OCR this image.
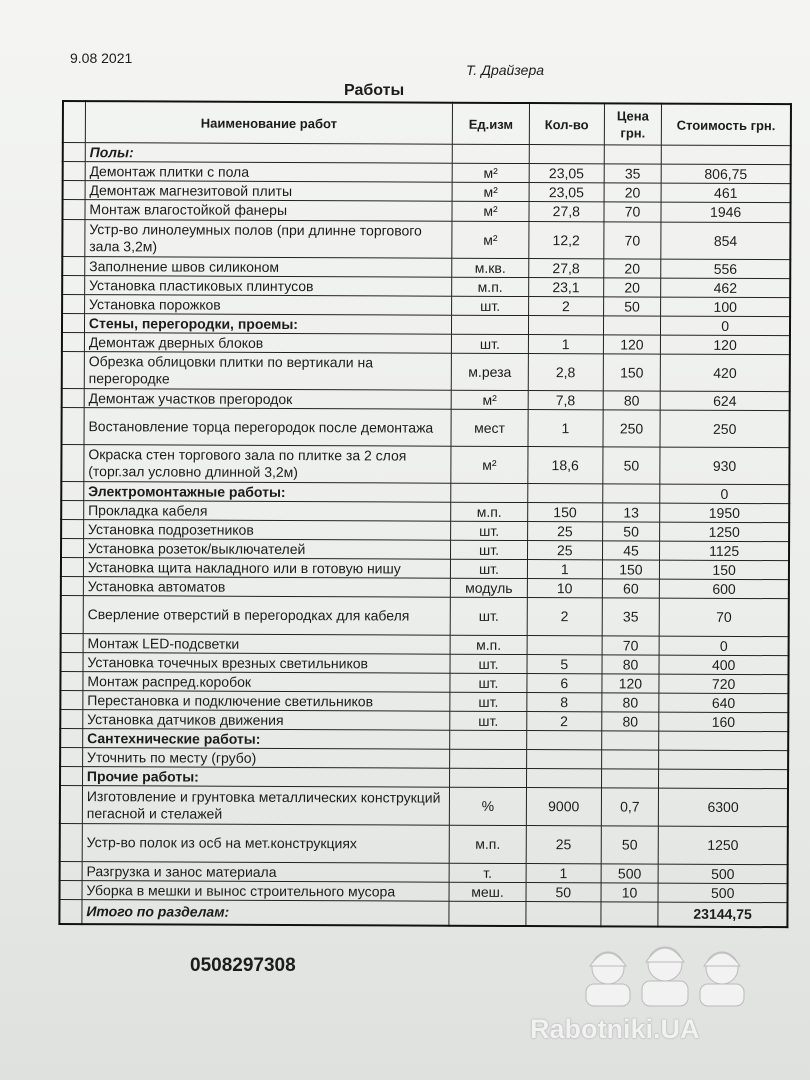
9.08 2021
Т. Драйзера
Работы
	Наименование работ	Ед.изм	Кол-во	Цена грн.	Стоимость грн.
	Полы:				
	Демонтаж плитки с пола	м²	23,05	35	806,75
	Демонтаж магнезитовой плиты	м²	23,05	20	461
	Монтаж влагостойкой фанеры	м²	27,8	70	1946
	Устр-во линолеумных полов (при длинне торгового зала 3,2м)	м²	12,2	70	854
	Заполнение швов силиконом	м.кв.	27,8	20	556
	Установка пластиковых плинтусов	м.п.	23,1	20	462
	Установка порожков	шт.	2	50	100
	Стены, перегородки, проемы:				0
	Демонтаж дверных блоков	шт.	1	120	120
	Обрезка облицовки плитки по вертикали на перегородке	м.реза	2,8	150	420
	Демонтаж участков прегородок	м²	7,8	80	624
	Востановление торца перегородок после демонтажа	мест	1	250	250
	Окраска стен торгового зала по плитке за 2 слоя (торг.зал условно длинной 3,2м)	м²	18,6	50	930
	Электромонтажные работы:				0
	Прокладка кабеля	м.п.	150	13	1950
	Установка подрозетников	шт.	25	50	1250
	Установка розеток/выключателей	шт.	25	45	1125
	Установка щита накладного или в готовую нишу	шт.	1	150	150
	Установка автоматов	модуль	10	60	600
	Сверление отверстий в перегородках для кабеля	шт.	2	35	70
	Монтаж LED-подсветки	м.п.		70	0
	Установка точечных врезных светильников	шт.	5	80	400
	Монтаж распред.коробок	шт.	6	120	720
	Перестановка и подключение светильников	шт.	8	80	640
	Установка датчиков движения	шт.	2	80	160
	Сантехнические работы:				
	Уточнить по месту (грубо)				
	Прочие работы:				
	Изготовление и грунтовка металлических конструкций пегасной и стелажей	%	9000	0,7	6300
	Устр-во полок из осб на мет.конструкциях	м.п.	25	50	1250
	Разгрузка и занос материала	т.	1	500	500
	Уборка в мешки и вынос строительного мусора	меш.	50	10	500
	Итого по разделам:				23144,75
0508297308
Rabotniki.UA
